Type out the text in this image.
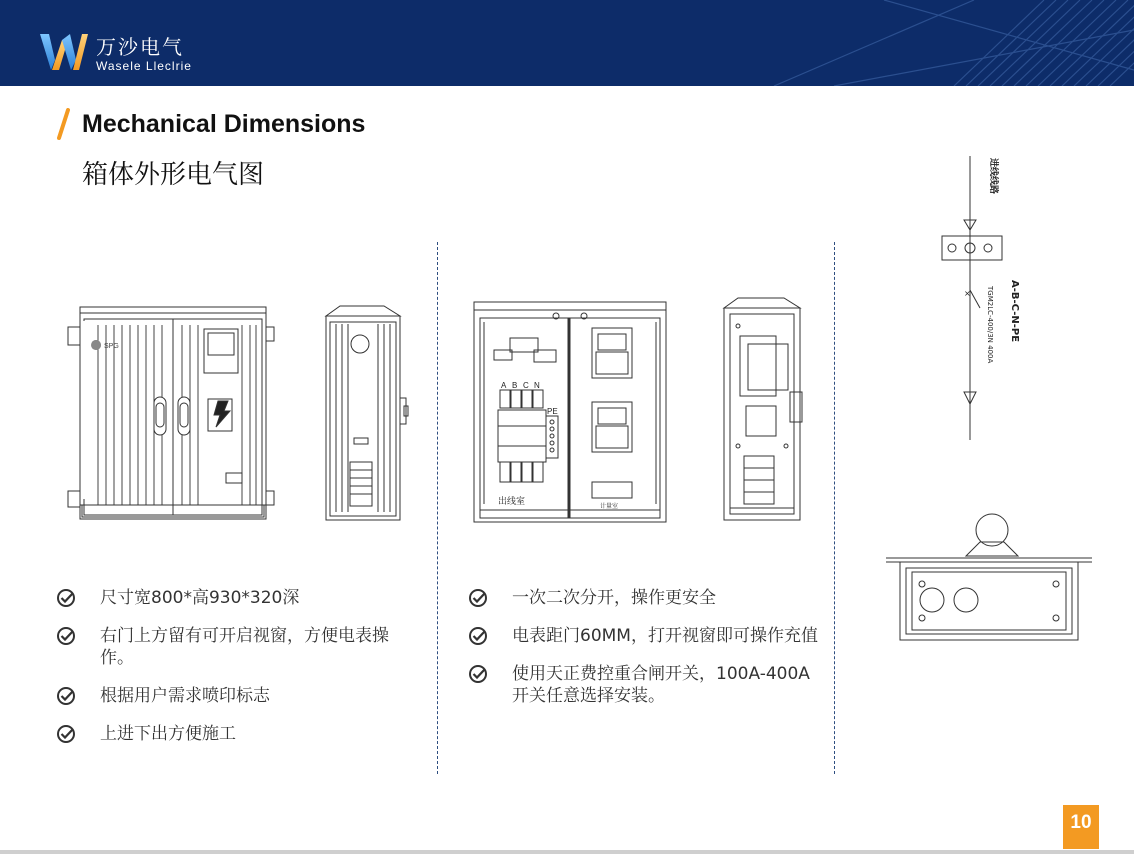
万沙电气
Wasele Lleclrie
Mechanical Dimensions
箱体外形电气图
SPG
A B C N
PE
出线室	计量室
进线线路
A-B-C-N-PE
TGM2LC-400/3N 400A
×
尺寸宽800*高930*320深
右门上方留有可开启视窗，方便电表操作。
根据用户需求喷印标志
上进下出方便施工
一次二次分开，操作更安全
电表距门60MM，打开视窗即可操作充值
使用天正费控重合闸开关，100A-400A开关任意选择安装。
10
